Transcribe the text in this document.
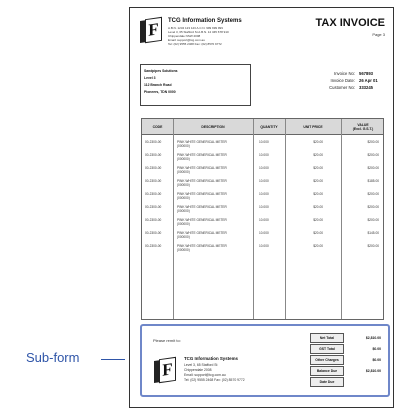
F	TCG Information Systems
A.B.N. 1234 123 123 A.C.N. 999 999 999
Level 3, 65 Stafford St A.B.N. 12 345 678 910
Chippendale NSW 2008
Email: support@tcg.com.au
Tel: (02) 9555 2468 Fax: (02) 8570 9772
TAX INVOICE
Page 3
Sandpipes Solutions
Level 3
112 Branch Road
Pioneers, TDN 0000
Invoice No: 567893
Invoice Date: 26 Apr 01
Customer No: 333245
CODE	DESCRIPTION	QUANTITY	UNIT PRICE	VALUE
(Excl. G.S.T.)
00-2300-00	PINK WHITE GENERICAL METER	10.000	$20.00	$200.00
(000000)
00-2300-00	PINK WHITE GENERICAL METER	10.000	$20.00	$200.00
(000000)
00-2300-00	PINK WHITE GENERICAL METER	10.000	$20.00	$200.00
(000000)
00-2300-00	PINK WHITE GENERICAL METER	10.000	$20.00	$185.00
(000000)
00-2300-00	PINK WHITE GENERICAL METER	10.000	$20.00	$200.00
(000000)
00-2300-00	PINK WHITE GENERICAL METER	10.000	$20.00	$200.00
(000000)
00-2300-00	PINK WHITE GENERICAL METER	10.000	$20.00	$200.00
(000000)
00-2300-00	PINK WHITE GENERICAL METER	10.000	$20.00	$145.00
(000000)
00-2300-00	PINK WHITE GENERICAL METER	10.000	$20.00	$200.00
(000000)
Please remit to:
F
TCG Information Systems
Level 3, 65 Stafford St
Chippendale 2008
Email: support@tcg.com.au
Tel: (02) 9555 2468 Fax: (02) 8570 9772
Net Total	$2,810.00
GST Total	$0.00
Other Charges	$0.00
Balance Due	$2,810.00
Date Due
Sub-form
